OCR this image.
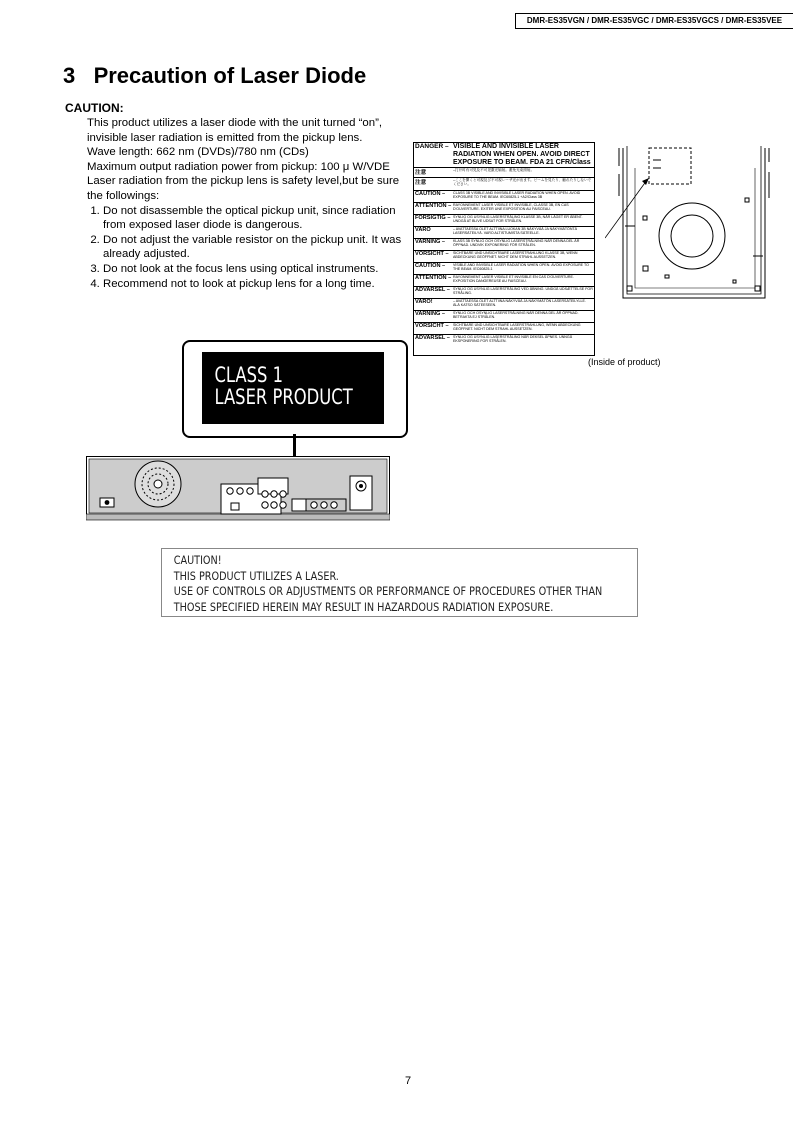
DMR-ES35VGN / DMR-ES35VGC / DMR-ES35VGCS / DMR-ES35VEE
3   Precaution of Laser Diode
CAUTION:

This product utilizes a laser diode with the unit turned “on”, invisible laser radiation is emitted from the pickup lens.

Wave length: 662 nm (DVDs)/780 nm (CDs)

Maximum output radiation power from pickup: 100 μ W/VDE

Laser radiation from the pickup lens is safety level,but be sure the followings:

1. Do not disassemble the optical pickup unit, since radiation from exposed laser diode is dangerous.
2. Do not adjust the variable resistor on the pickup unit. It was already adjusted.
3. Do not look at the focus lens using optical instruments.
4. Recommend not to look at pickup lens for a long time.
DANGER – VISIBLE AND INVISIBLE LASER RADIATION WHEN OPEN. AVOID DIRECT EXPOSURE TO BEAM. FDA 21 CFR/Class
注意	–打开时有可见及不可见激光辐射。避免光束照射。
注意	–ここを開くと可視及び不可視レーザ光が出ます。ビームを見たり、触れたりしないでください。
CAUTION –	CLASS 3B VISIBLE AND INVISIBLE LASER RADIATION WHEN OPEN. AVOID EXPOSURE TO THE BEAM. IEC60825-1 +A2/Class 3B
ATTENTION – RAYONNEMENT LASER VISIBLE ET INVISIBLE, CLASSE 3B, EN CAS D'OUVERTURE. EXITER UNE EXPOSITION AU FAISCEAU.
FORSIGTIG – SYNLIG OG USYNLIG LASERSTRÅLING KLASSE 3B, NÅR LÅGET ER ÅBENT. UNDGÅ AT BLIVE UDSAT FOR STRÅLEN.
VARO	– AVATTAESSA OLET ALTTIINA LUOKAN 3B NÄKYVÄÄ JA NÄKYMÄTÖNTÄ LASERSÄTEILYÄ. VARO ALTISTUMISTA SÄTEELLE.
VARNING –	KLASS 3B SYNLIG OCH OSYNLIG LASERSTRÅLNING NÄR DENNA DEL ÄR ÖPPNAD. UNDVIK EXPONERING FÖR STRÅLEN.
VORSICHT –	SICHTBARE UND UNSICHTBARE LASERSTRAHLUNG KLASSE 3B, WENN ABDECKUNG GEÖFFNET. NICHT DEM STRAHL AUSSETZEN.
CAUTION –	VISIBLE AND INVISIBLE LASER RADIATION WHEN OPEN. AVOID EXPOSURE TO THE BEAM. IEC60825-1
ATTENTION – RAYONNEMENT LASER VISIBLE ET INVISIBLE EN CAS D'OUVERTURE. EXPOSITION DANGEREUSE AU FAISCEAU.
ADVARSEL – SYNLIG OG USYNLIG LASERSTRÅLING VED ÅBNING. UNDGÅ UDSÆTTELSE FOR STRÅLING.
VARO!	– AVATTAESSA OLET ALTTIINA NÄKYVÄÄ JA NÄKYMÄTÖN LASERSÄTEILYLLE. ÄLÄ KATSO SÄTEESEEN.
VARNING –	SYNLIG OCH OSYNLIG LASERSTRÅLNING NÄR DENNA DEL ÄR ÖPPNAD. BETRAKTA EJ STRÅLEN.
VORSICHT –	SICHTBARE UND UNSICHTBARE LASERSTRAHLUNG, WENN ABDECKUNG GEÖFFNET. NICHT DEM STRAHL AUSSETZEN.
ADVARSEL – SYNLIG OG USYNLIG LASERSTRÅLING NÅR DEKSEL ÅPNES. UNNGÅ EKSPONERING FOR STRÅLEN.
(Inside of product)
CLASS 1
LASER PRODUCT
CAUTION!
THIS PRODUCT UTILIZES A LASER.
USE OF CONTROLS OR ADJUSTMENTS OR PERFORMANCE OF PROCEDURES OTHER THAN
THOSE SPECIFIED HEREIN MAY RESULT IN HAZARDOUS RADIATION EXPOSURE.
7
